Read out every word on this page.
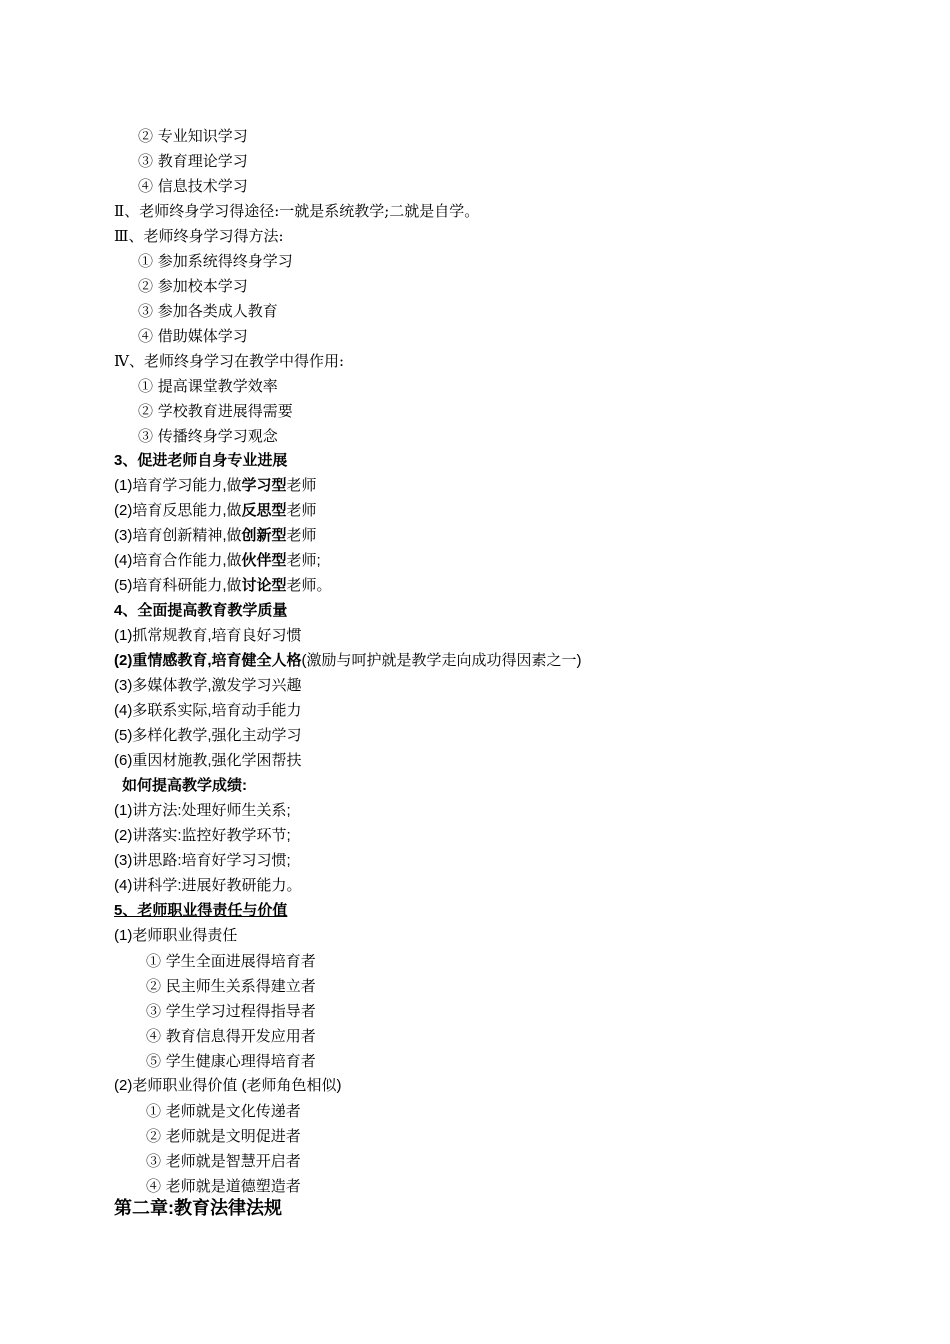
② 专业知识学习
③ 教育理论学习
④ 信息技术学习
Ⅱ、老师终身学习得途径:一就是系统教学;二就是自学。
Ⅲ、老师终身学习得方法:
① 参加系统得终身学习
② 参加校本学习
③ 参加各类成人教育
④ 借助媒体学习
Ⅳ、老师终身学习在教学中得作用:
① 提高课堂教学效率
② 学校教育进展得需要
③ 传播终身学习观念
3、促进老师自身专业进展
(1)培育学习能力,做学习型老师
(2)培育反思能力,做反思型老师
(3)培育创新精神,做创新型老师
(4)培育合作能力,做伙伴型老师;
(5)培育科研能力,做讨论型老师。
4、全面提高教育教学质量
(1)抓常规教育,培育良好习惯
(2)重情感教育,培育健全人格(激励与呵护就是教学走向成功得因素之一)
(3)多媒体教学,激发学习兴趣
(4)多联系实际,培育动手能力
(5)多样化教学,强化主动学习
(6)重因材施教,强化学困帮扶
如何提高教学成绩:
(1)讲方法:处理好师生关系;
(2)讲落实:监控好教学环节;
(3)讲思路:培育好学习习惯;
(4)讲科学:进展好教研能力。
5、老师职业得责任与价值
(1)老师职业得责任
① 学生全面进展得培育者
② 民主师生关系得建立者
③ 学生学习过程得指导者
④ 教育信息得开发应用者
⑤ 学生健康心理得培育者
(2)老师职业得价值 (老师角色相似)
① 老师就是文化传递者
② 老师就是文明促进者
③ 老师就是智慧开启者
④ 老师就是道德塑造者
第二章:教育法律法规
